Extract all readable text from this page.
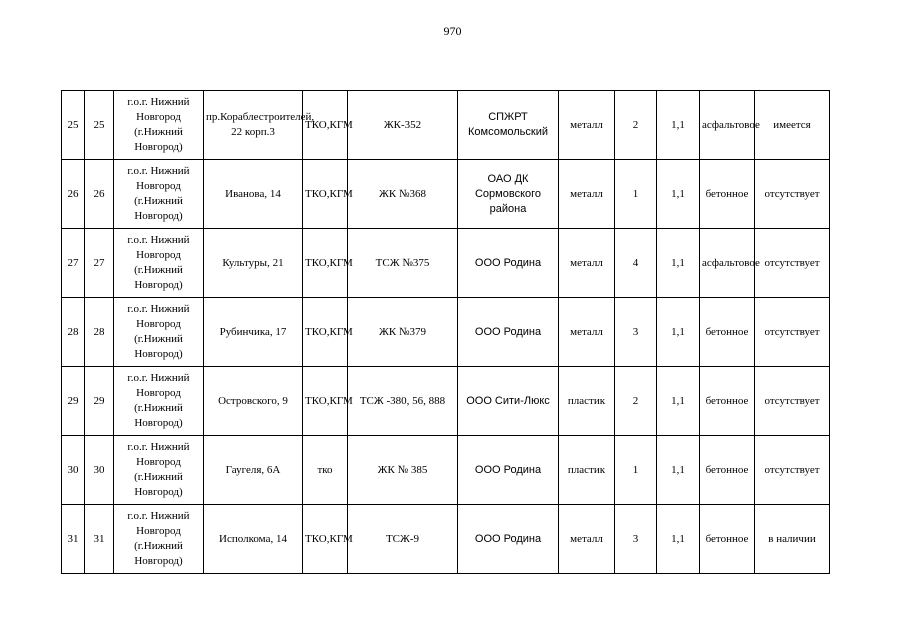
970
25	25	г.о.г. Нижний Новгород (г.Нижний Новгород)	пр.Кораблестроителей, 22 корп.3	ТКО,КГМ	ЖК-352	СПЖРТ Комсомольский	металл	2	1,1	асфальтовое	имеется
26	26	г.о.г. Нижний Новгород (г.Нижний Новгород)	Иванова, 14	ТКО,КГМ	ЖК №368	ОАО ДК Сормовского района	металл	1	1,1	бетонное	отсутствует
27	27	г.о.г. Нижний Новгород (г.Нижний Новгород)	Культуры, 21	ТКО,КГМ	ТСЖ №375	ООО Родина	металл	4	1,1	асфальтовое	отсутствует
28	28	г.о.г. Нижний Новгород (г.Нижний Новгород)	Рубинчика, 17	ТКО,КГМ	ЖК №379	ООО Родина	металл	3	1,1	бетонное	отсутствует
29	29	г.о.г. Нижний Новгород (г.Нижний Новгород)	Островского, 9	ТКО,КГМ	ТСЖ -380, 56, 888	ООО Сити-Люкс	пластик	2	1,1	бетонное	отсутствует
30	30	г.о.г. Нижний Новгород (г.Нижний Новгород)	Гаугеля, 6А	тко	ЖК № 385	ООО Родина	пластик	1	1,1	бетонное	отсутствует
31	31	г.о.г. Нижний Новгород (г.Нижний Новгород)	Исполкома, 14	ТКО,КГМ	ТСЖ-9	ООО Родина	металл	3	1,1	бетонное	в наличии
